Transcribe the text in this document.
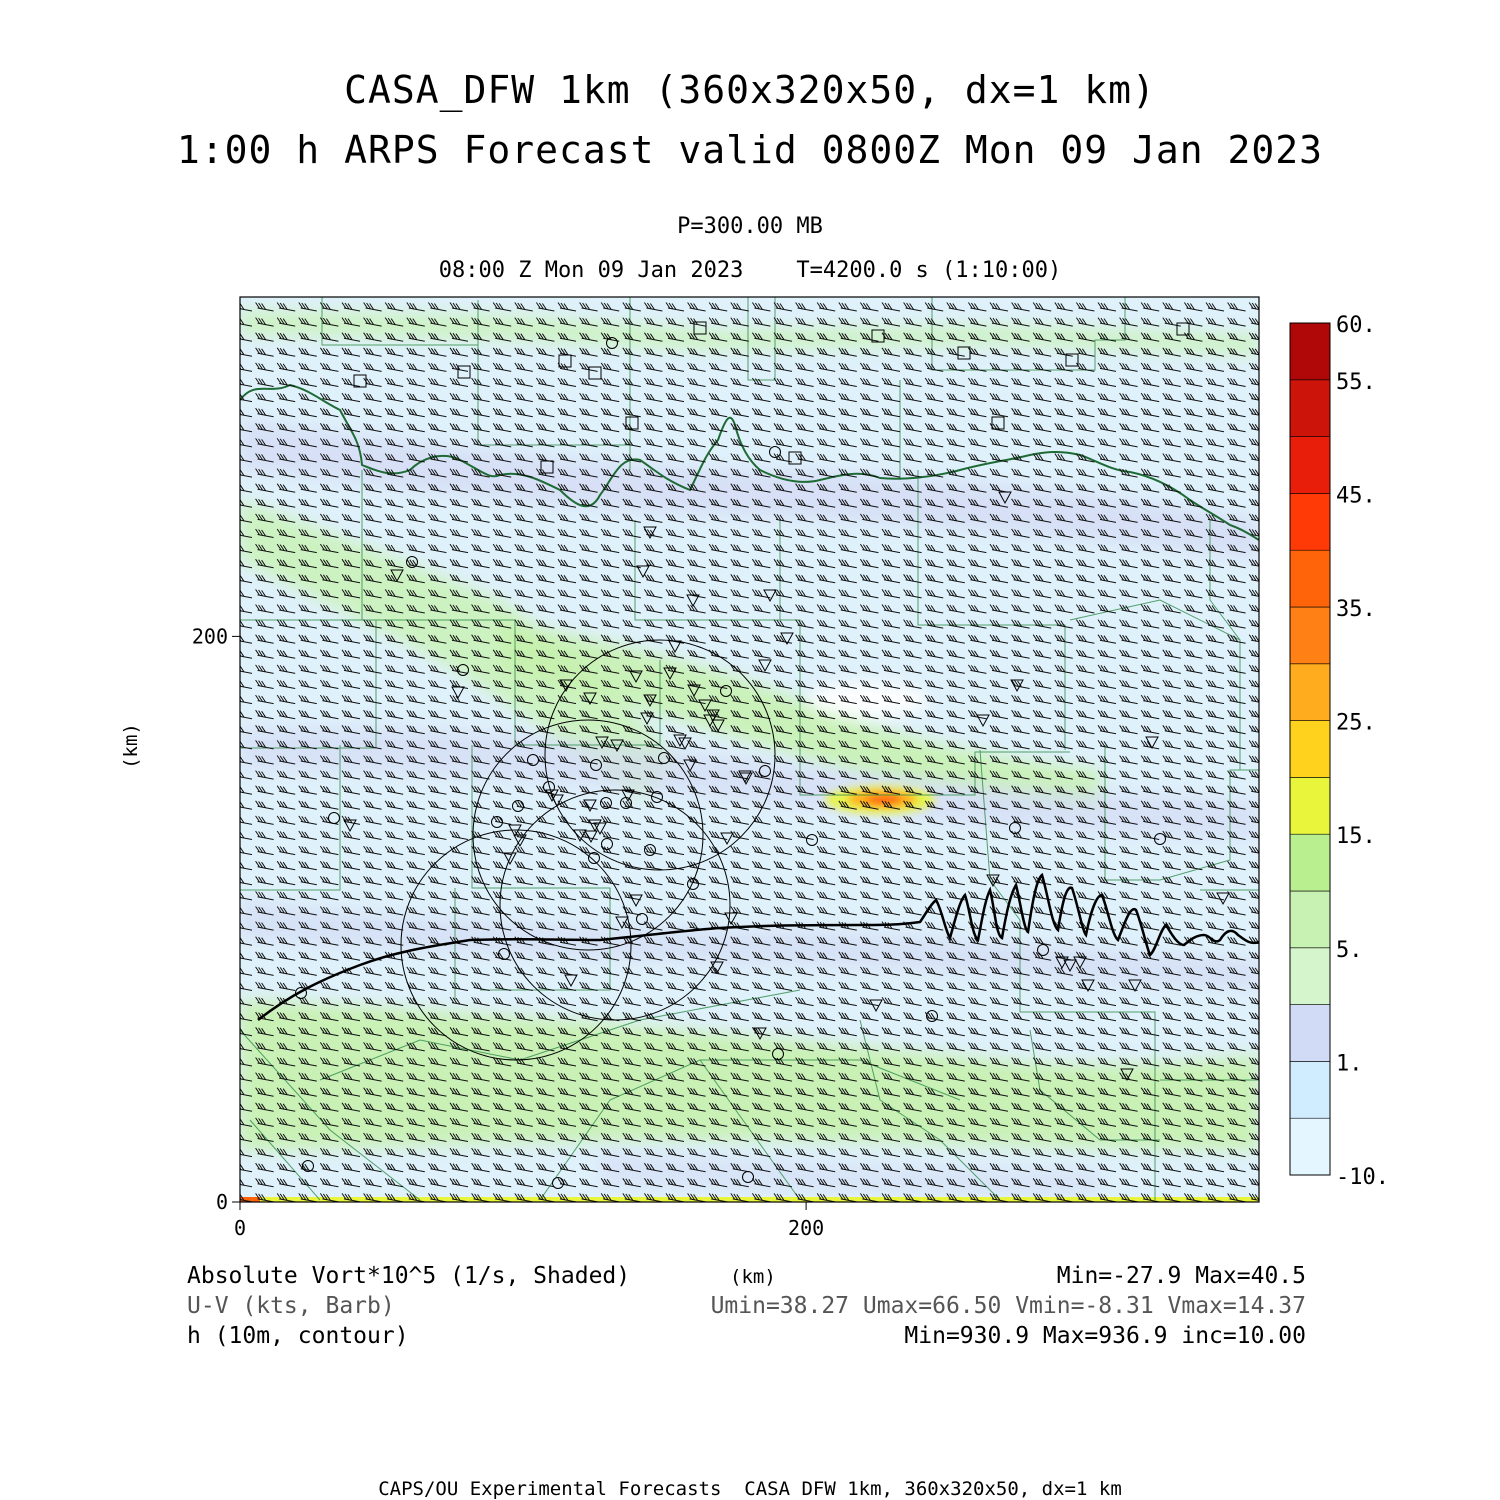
CASA_DFW 1km (360x320x50, dx=1 km)
1:00 h ARPS Forecast valid 0800Z Mon 09 Jan 2023
P=300.00 MB
08:00 Z Mon 09 Jan 2023    T=4200.0 s (1:10:00)
0	200
0
200
60.
55.
45.
35.
25.
15.
5.
1.
-10.
Absolute Vort*10^5 (1/s, Shaded)
U-V (kts, Barb)
h (10m, contour)
(km)	Min=-27.9 Max=40.5
Umin=38.27 Umax=66.50 Vmin=-8.31 Vmax=14.37
Min=930.9 Max=936.9 inc=10.00
(km)
CAPS/OU Experimental Forecasts  CASA DFW 1km, 360x320x50, dx=1 km
